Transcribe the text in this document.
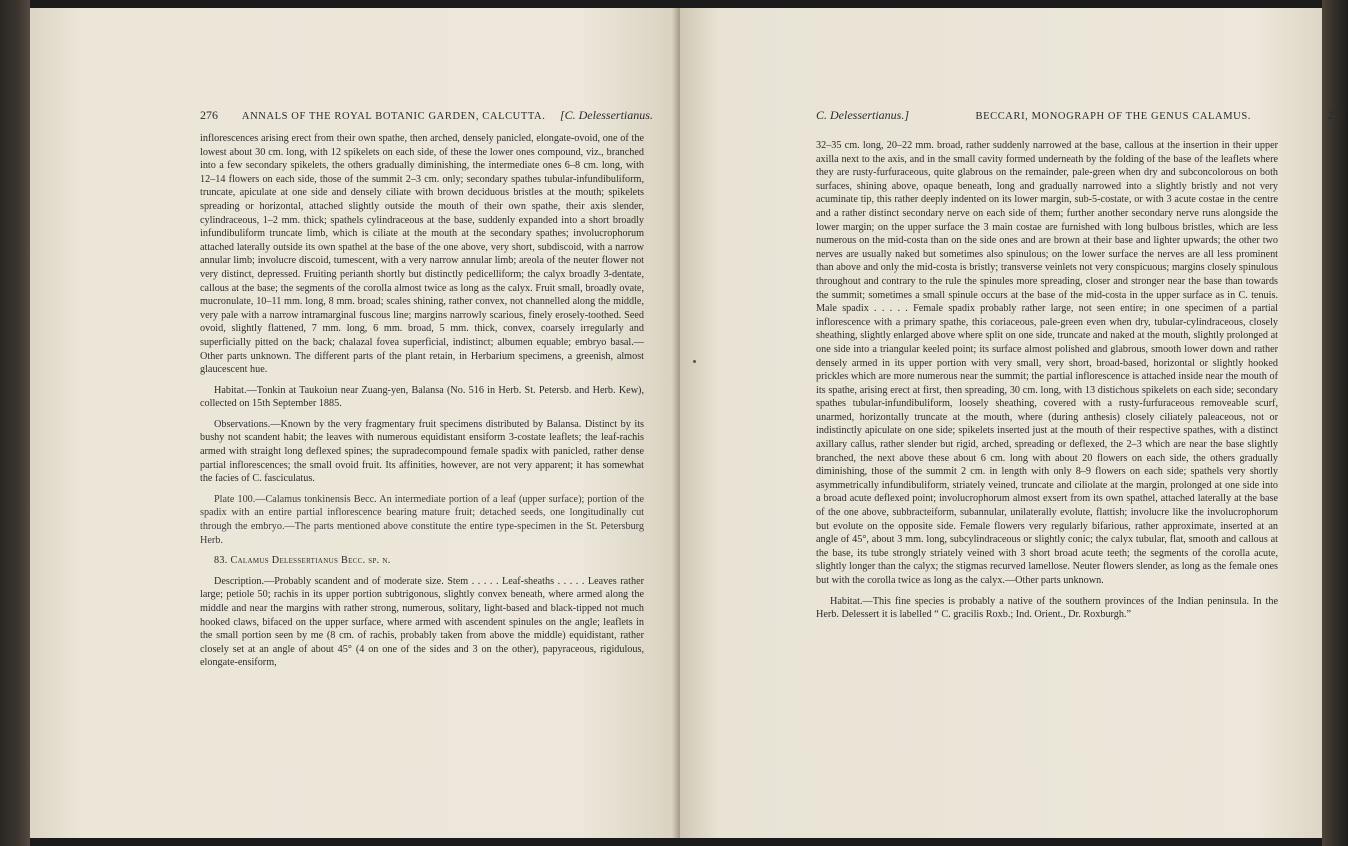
276 ANNALS OF THE ROYAL BOTANIC GARDEN, CALCUTTA. [C. Delessertianus.

inflorescences arising erect from their own spathe, then arched, densely panicled, elongate-ovoid, one of the lowest about 30 cm. long, with 12 spikelets on each side, of these the lower ones compound, viz., branched into a few secondary spikelets, the others gradually diminishing, the intermediate ones 6–8 cm. long, with 12–14 flowers on each side, those of the summit 2–3 cm. only; secondary spathes tubular-infundibuliform, truncate, apiculate at one side and densely ciliate with brown deciduous bristles at the mouth; spikelets spreading or horizontal, attached slightly outside the mouth of their own spathe, their axis slender, cylindraceous, 1–2 mm. thick; spathels cylindraceous at the base, suddenly expanded into a short broadly infundibuliform truncate limb, which is ciliate at the mouth at the secondary spathes; involucrophorum attached laterally outside its own spathel at the base of the one above, very short, subdiscoid, with a narrow annular limb; involucre discoid, tumescent, with a very narrow annular limb; areola of the neuter flower not very distinct, depressed. Fruiting perianth shortly but distinctly pedicelliform; the calyx broadly 3-dentate, callous at the base; the segments of the corolla almost twice as long as the calyx. Fruit small, broadly ovate, mucronulate, 10–11 mm. long, 8 mm. broad; scales shining, rather convex, not channelled along the middle, very pale with a narrow intramarginal fuscous line; margins narrowly scarious, finely erosely-toothed. Seed ovoid, slightly flattened, 7 mm. long, 6 mm. broad, 5 mm. thick, convex, coarsely irregularly and superficially pitted on the back; chalazal fovea superficial, indistinct; albumen equable; embryo basal.—Other parts unknown. The different parts of the plant retain, in Herbarium specimens, a greenish, almost glaucescent hue.

Habitat.—Tonkin at Taukoiun near Zuang-yen, Balansa (No. 516 in Herb. St. Petersb. and Herb. Kew), collected on 15th September 1885.

Observations.—Known by the very fragmentary fruit specimens distributed by Balansa. Distinct by its bushy not scandent habit; the leaves with numerous equidistant ensiform 3-costate leaflets; the leaf-rachis armed with straight long deflexed spines; the supradecompound female spadix with panicled, rather dense partial inflorescences; the small ovoid fruit. Its affinities, however, are not very apparent; it has somewhat the facies of C. fasciculatus.

Plate 100.—Calamus tonkinensis Becc. An intermediate portion of a leaf (upper surface); portion of the spadix with an entire partial inflorescence bearing mature fruit; detached seeds, one longitudinally cut through the embryo.—The parts mentioned above constitute the entire type-specimen in the St. Petersburg Herb.

83. Calamus Delessertianus Becc. sp. n.

Description.—Probably scandent and of moderate size. Stem . . . . . Leaf-sheaths . . . . . Leaves rather large; petiole 50; rachis in its upper portion subtrigonous, slightly convex beneath, where armed along the middle and near the margins with rather strong, numerous, solitary, light-based and black-tipped not much hooked claws, bifaced on the upper surface, where armed with ascendent spinules on the angle; leaflets in the small portion seen by me (8 cm. of rachis, probably taken from above the middle) equidistant, rather closely set at an angle of about 45° (4 on one of the sides and 3 on the other), papyraceous, rigidulous, elongate-ensiform,

C. Delessertianus.]	BECCARI, MONOGRAPH OF THE GENUS CALAMUS.	277

32–35 cm. long, 20–22 mm. broad, rather suddenly narrowed at the base, callous at the insertion in their upper axilla next to the axis, and in the small cavity formed underneath by the folding of the base of the leaflets where they are rusty-furfuraceous, quite glabrous on the remainder, pale-green when dry and subconcolorous on both surfaces, shining above, opaque beneath, long and gradually narrowed into a slightly bristly and not very acuminate tip, this rather deeply indented on its lower margin, sub-5-costate, or with 3 acute costae in the centre and a rather distinct secondary nerve on each side of them; further another secondary nerve runs alongside the lower margin; on the upper surface the 3 main costae are furnished with long bulbous bristles, which are less numerous on the mid-costa than on the side ones and are brown at their base and lighter upwards; the other two nerves are usually naked but sometimes also spinulous; on the lower surface the nerves are all less prominent than above and only the mid-costa is bristly; transverse veinlets not very conspicuous; margins closely spinulous throughout and contrary to the rule the spinules more spreading, closer and stronger near the base than towards the summit; sometimes a small spinule occurs at the base of the mid-costa in the upper surface as in C. tenuis. Male spadix . . . . . Female spadix probably rather large, not seen entire; in one specimen of a partial inflorescence with a primary spathe, this coriaceous, pale-green even when dry, tubular-cylindraceous, closely sheathing, slightly enlarged above where split on one side, truncate and naked at the mouth, slightly prolonged at one side into a triangular keeled point; its surface almost polished and glabrous, smooth lower down and rather densely armed in its upper portion with very small, very short, broad-based, horizontal or slightly hooked prickles which are more numerous near the summit; the partial inflorescence is attached inside near the mouth of its spathe, arising erect at first, then spreading, 30 cm. long, with 13 distichous spikelets on each side; secondary spathes tubular-infundibuliform, loosely sheathing, covered with a rusty-furfuraceous removeable scurf, unarmed, horizontally truncate at the mouth, where (during anthesis) closely ciliately paleaceous, not or indistinctly apiculate on one side; spikelets inserted just at the mouth of their respective spathes, with a distinct axillary callus, rather slender but rigid, arched, spreading or deflexed, the 2–3 which are near the base slightly branched, the next above these about 6 cm. long with about 20 flowers on each side, the others gradually diminishing, those of the summit 2 cm. in length with only 8–9 flowers on each side; spathels very shortly asymmetrically infundibuliform, striately veined, truncate and ciliolate at the margin, prolonged at one side into a broad acute deflexed point; involucrophorum almost exsert from its own spathel, attached laterally at the base of the one above, subbracteiform, subannular, unilaterally evolute, flattish; involucre like the involucrophorum but evolute on the opposite side. Female flowers very regularly bifarious, rather approximate, inserted at an angle of 45°, about 3 mm. long, subcylindraceous or slightly conic; the calyx tubular, flat, smooth and callous at the base, its tube strongly striately veined with 3 short broad acute teeth; the segments of the corolla acute, slightly longer than the calyx; the stigmas recurved lamellose. Neuter flowers slender, as long as the female ones but with the corolla twice as long as the calyx.—Other parts unknown.

Habitat.—This fine species is probably a native of the southern provinces of the Indian peninsula. In the Herb. Delessert it is labelled “ C. gracilis Roxb.; Ind. Orient., Dr. Roxburgh.”
